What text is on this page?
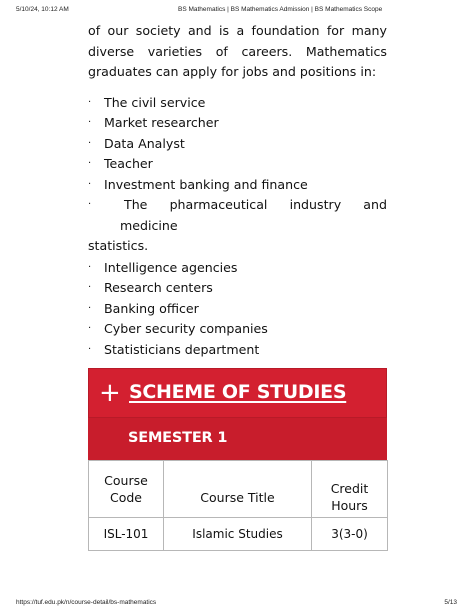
5/10/24, 10:12 AM	BS Mathematics | BS Mathematics Admission | BS Mathematics Scope

of our society and is a foundation for many diverse varieties of careers. Mathematics graduates can apply for jobs and positions in:

· The civil service
· Market researcher
· Data Analyst
· Teacher
· Investment banking and finance
·	The pharmaceutical industry and medicine
statistics.
· Intelligence agencies
· Research centers
· Banking officer
· Cyber security companies
· Statisticians department
+ SCHEME OF STUDIES
SEMESTER 1
Course Code	Course Title	Credit Hours
ISL-101	Islamic Studies	3(3-0)
https://tuf.edu.pk/n/course-detail/bs-mathematics	5/13
